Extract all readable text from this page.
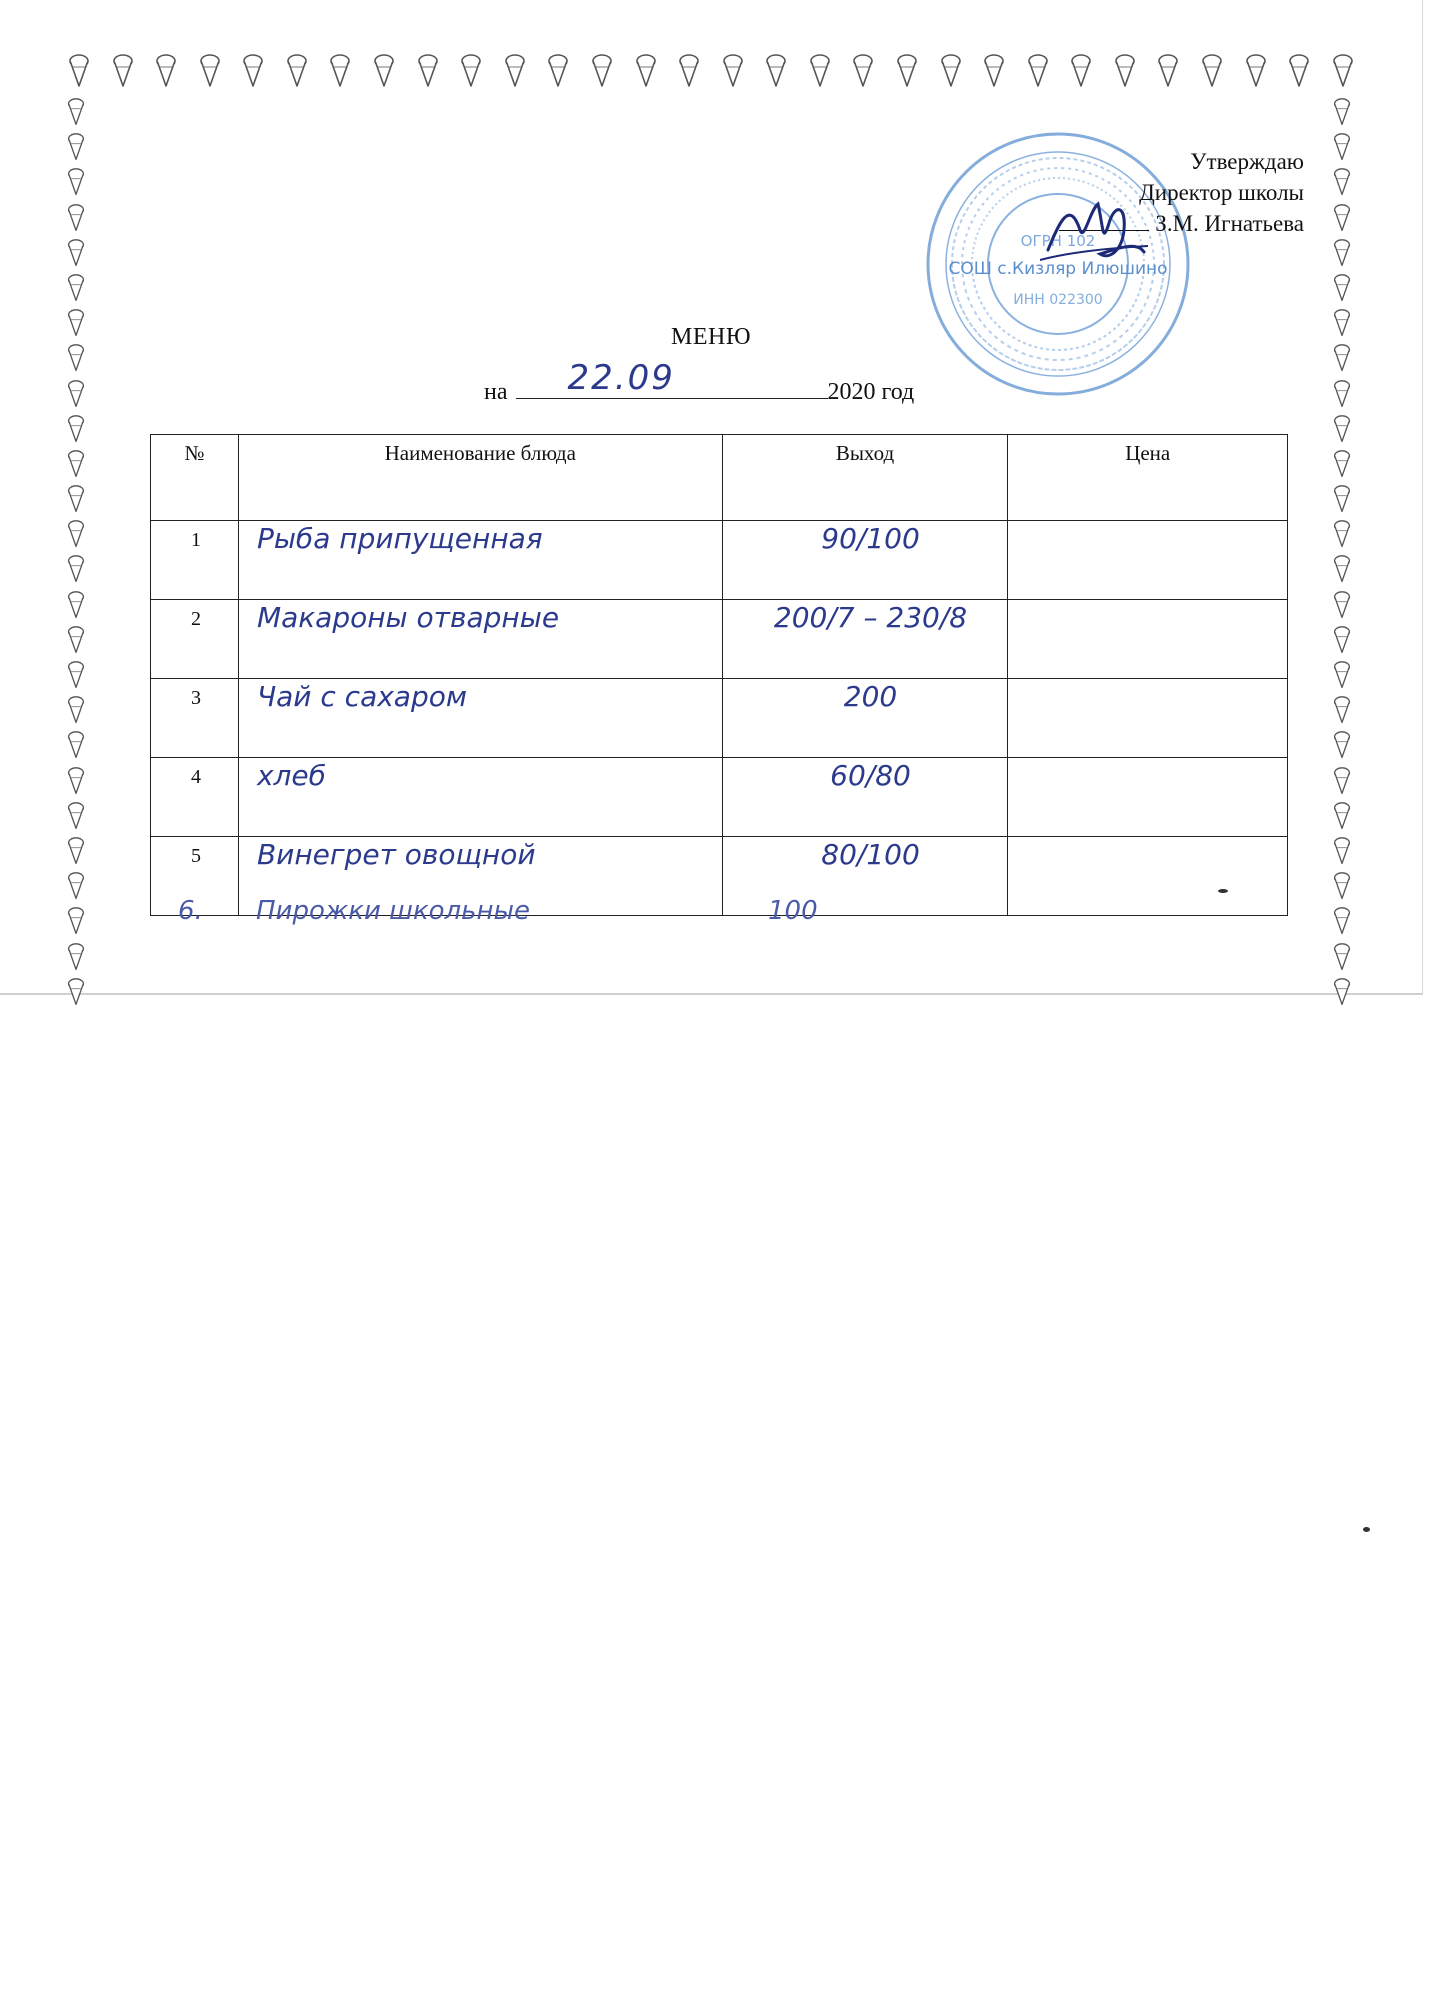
ОГРН 102
СОШ с.Кизляр Илюшино
ИНН 022300
Утверждаю
Директор школы
З.М. Игнатьева
МЕНЮ
на 22.09	2020 год
№	Наименование блюда	Выход	Цена
1	Рыба припущенная	90/100	
2	Макароны отварные	200/7 – 230/8	
3	Чай с сахаром	200	
4	хлеб	60/80	
5	Винегрет овощной	80/100	
6. Пирожки школьные	100
